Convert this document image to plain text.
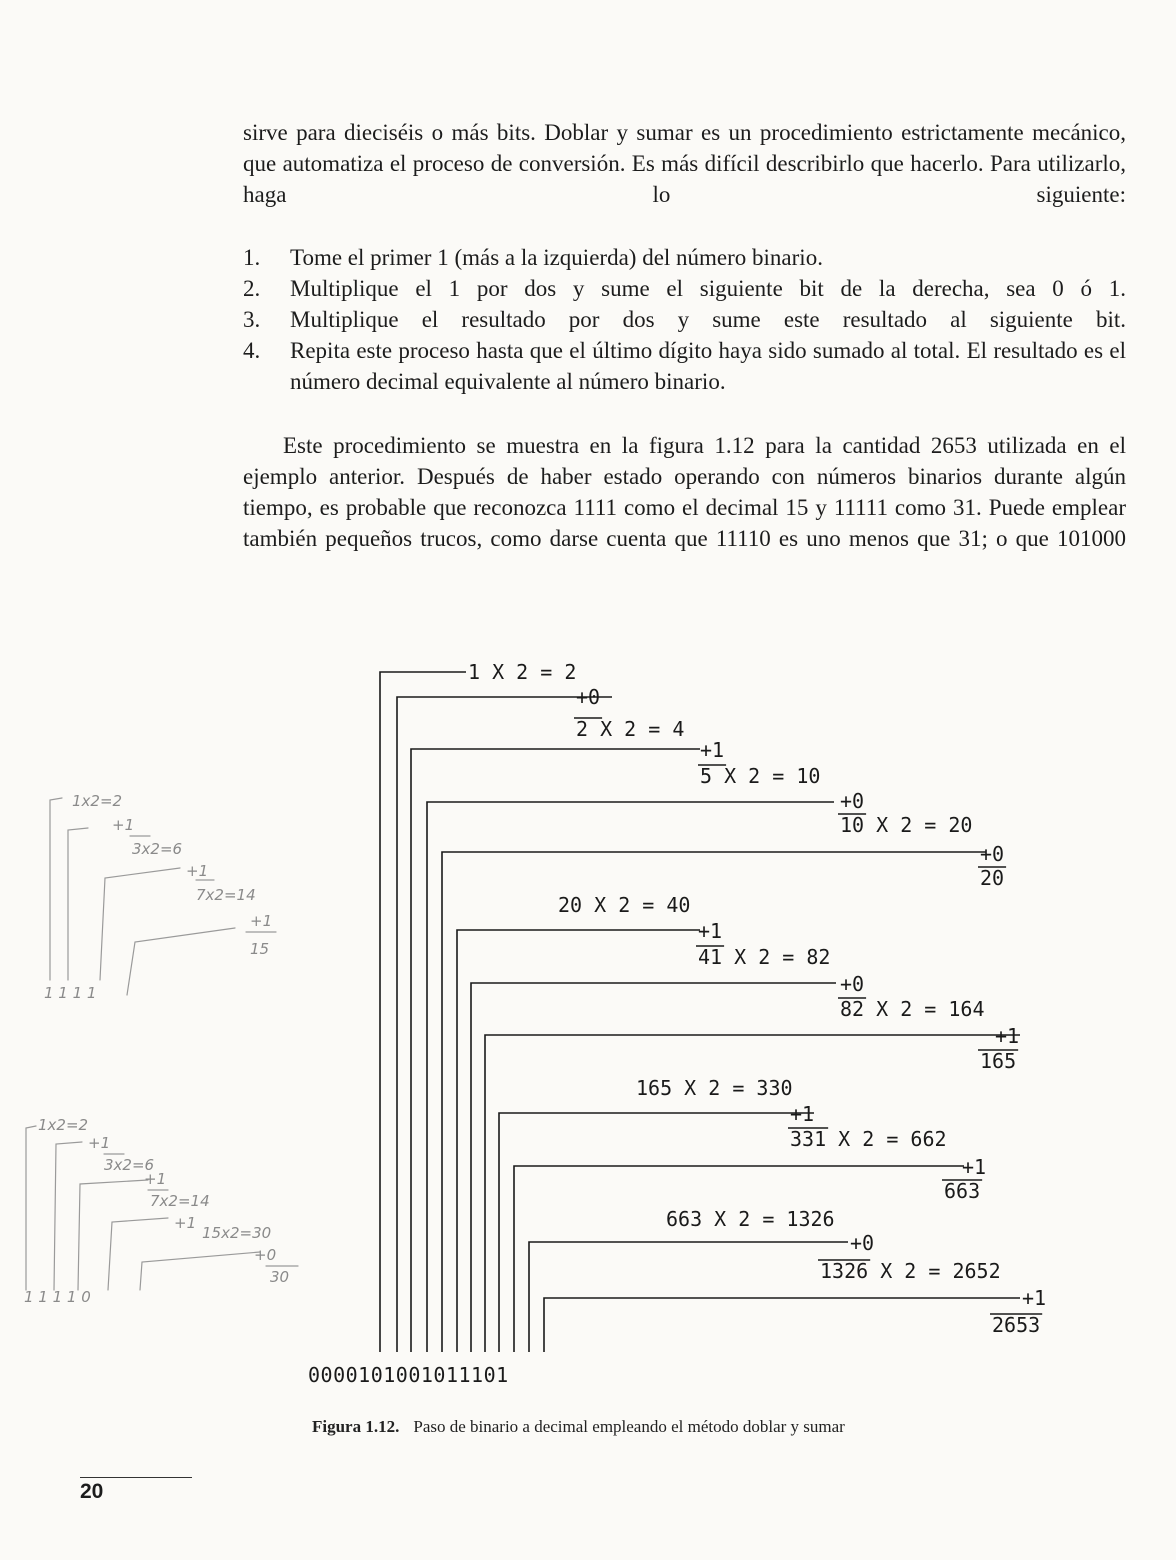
sirve para dieciséis o más bits. Doblar y sumar es un procedimiento estrictamente mecánico, que automatiza el proceso de conversión. Es más difícil describirlo que hacerlo. Para utilizarlo, haga lo siguiente:
1. Tome el primer 1 (más a la izquierda) del número binario.
2. Multiplique el 1 por dos y sume el siguiente bit de la derecha, sea 0 ó 1.
3. Multiplique el resultado por dos y sume este resultado al siguiente bit.
4. Repita este proceso hasta que el último dígito haya sido sumado al total. El resultado es el número decimal equivalente al número binario.
Este procedimiento se muestra en la figura 1.12 para la cantidad 2653 utilizada en el ejemplo anterior. Después de haber estado operando con números binarios durante algún tiempo, es probable que reconozca 1111 como el decimal 15 y 11111 como 31. Puede emplear también pequeños trucos, como darse cuenta que 11110 es uno menos que 31; o que 101000
1x2=2
+1
3x2=6
+1
7x2=14
+1
15
1 1 1 1
1x2=2
+1
3x2=6
+1
7x2=14
+1
15x2=30
+0
30
1 1 1 1 0
1 X 2 = 2
+0
2 X 2 = 4
+1
5 X 2 = 10
+0
10 X 2 = 20
+0
20
20 X 2 = 40
+1
41 X 2 = 82
+0
82 X 2 = 164
+1
165
165 X 2 = 330
+1
331 X 2 = 662
+1
663
663 X 2 = 1326
+0
1326 X 2 = 2652
+1
2653
0000101001011101
Figura 1.12. Paso de binario a decimal empleando el método doblar y sumar
20
